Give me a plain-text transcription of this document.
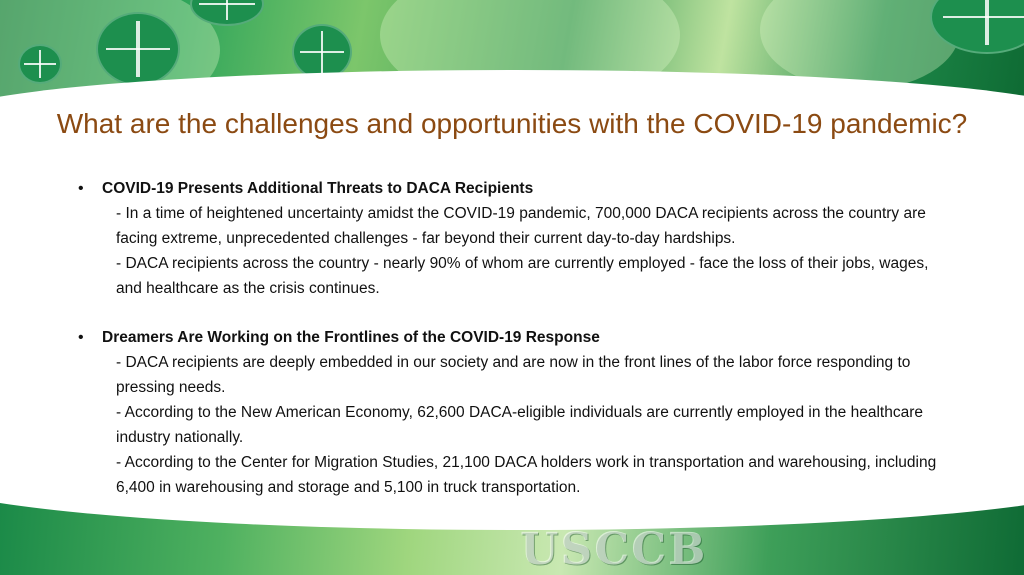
What are the challenges and opportunities with the COVID-19 pandemic?
•	COVID-19 Presents Additional Threats to DACA Recipients
- In a time of heightened uncertainty amidst the COVID-19 pandemic, 700,000 DACA recipients across the country are facing extreme, unprecedented challenges - far beyond their current day-to-day hardships.
- DACA recipients across the country - nearly 90% of whom are currently employed - face the loss of their jobs, wages, and healthcare as the crisis continues.
•	Dreamers Are Working on the Frontlines of the COVID-19 Response
- DACA recipients are deeply embedded in our society and are now in the front lines of the labor force responding to pressing needs.
- According to the New American Economy, 62,600 DACA-eligible individuals are currently employed in the healthcare industry nationally.
- According to the Center for Migration Studies, 21,100 DACA holders work in transportation and warehousing, including 6,400 in warehousing and storage and 5,100 in truck transportation.
USCCB
